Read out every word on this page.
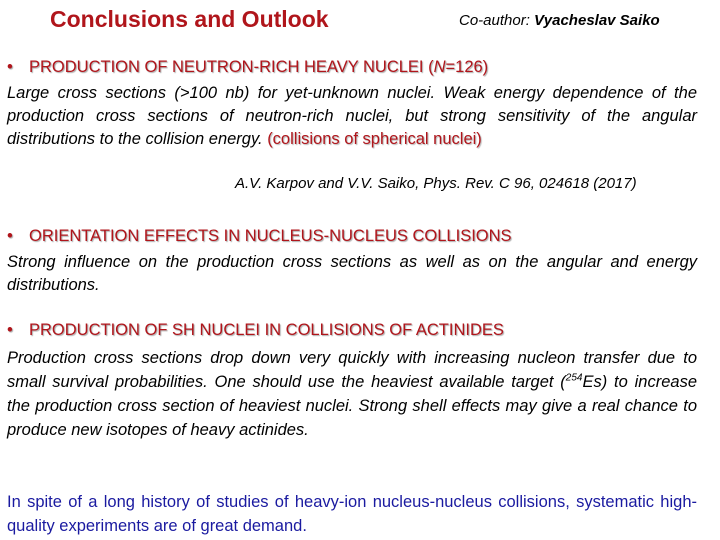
Conclusions and Outlook	Co-author: Vyacheslav Saiko
• PRODUCTION OF NEUTRON-RICH HEAVY NUCLEI (N=126)
Large cross sections (>100 nb) for yet-unknown nuclei. Weak energy dependence of the production cross sections of neutron-rich nuclei, but strong sensitivity of the angular distributions to the collision energy. (collisions of spherical nuclei)
A.V. Karpov and V.V. Saiko, Phys. Rev. C 96, 024618 (2017)
• ORIENTATION EFFECTS IN NUCLEUS-NUCLEUS COLLISIONS
Strong influence on the production cross sections as well as on the angular and energy distributions.
• PRODUCTION OF SH NUCLEI IN COLLISIONS OF ACTINIDES
Production cross sections drop down very quickly with increasing nucleon transfer due to small survival probabilities. One should use the heaviest available target ($^{254}$Es) to increase the production cross section of heaviest nuclei. Strong shell effects may give a real chance to produce new isotopes of heavy actinides.
In spite of a long history of studies of heavy-ion nucleus-nucleus collisions, systematic high-quality experiments are of great demand.
